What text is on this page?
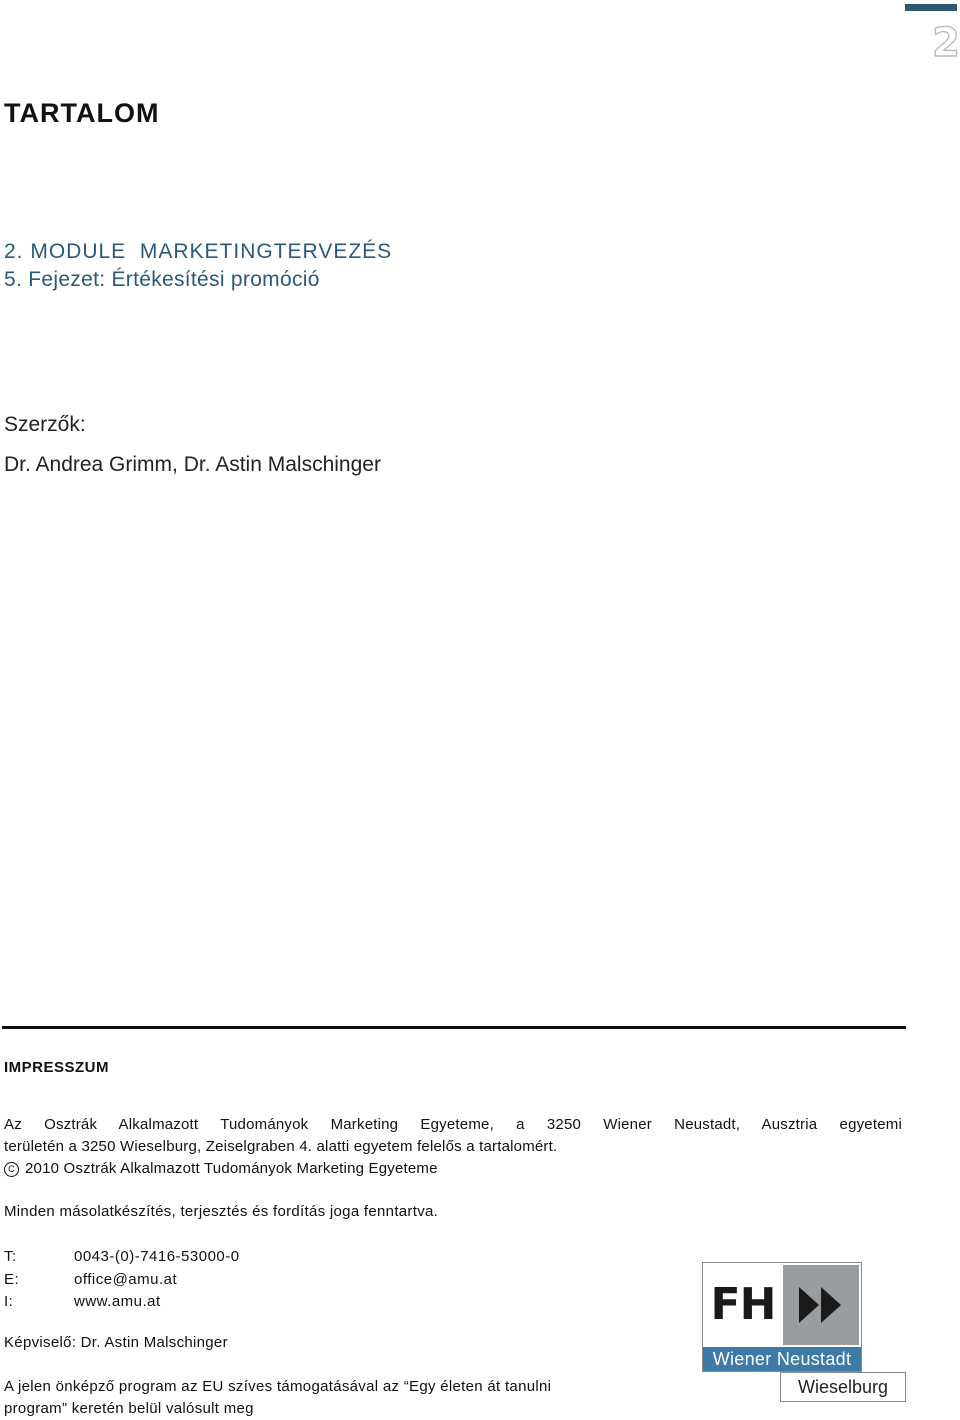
2
TARTALOM
2. MODULE  MARKETINGTERVEZÉS
5. Fejezet: Értékesítési promóció
Szerzők:
Dr. Andrea Grimm, Dr. Astin Malschinger
IMPRESSZUM
Az Osztrák Alkalmazott Tudományok Marketing Egyeteme, a 3250 Wiener Neustadt, Ausztria egyetemi
területén a 3250 Wieselburg, Zeiselgraben 4. alatti egyetem felelős a tartalomért.
C 2010 Osztrák Alkalmazott Tudományok Marketing Egyeteme
Minden másolatkészítés, terjesztés és fordítás joga fenntartva.
T:	0043-(0)-7416-53000-0
E:	office@amu.at
I:	www.amu.at
Képviselő: Dr. Astin Malschinger
A jelen önképző program az EU szíves támogatásával az “Egy életen át tanulni
program” keretén belül valósult meg
FH
Wiener Neustadt
Wieselburg
